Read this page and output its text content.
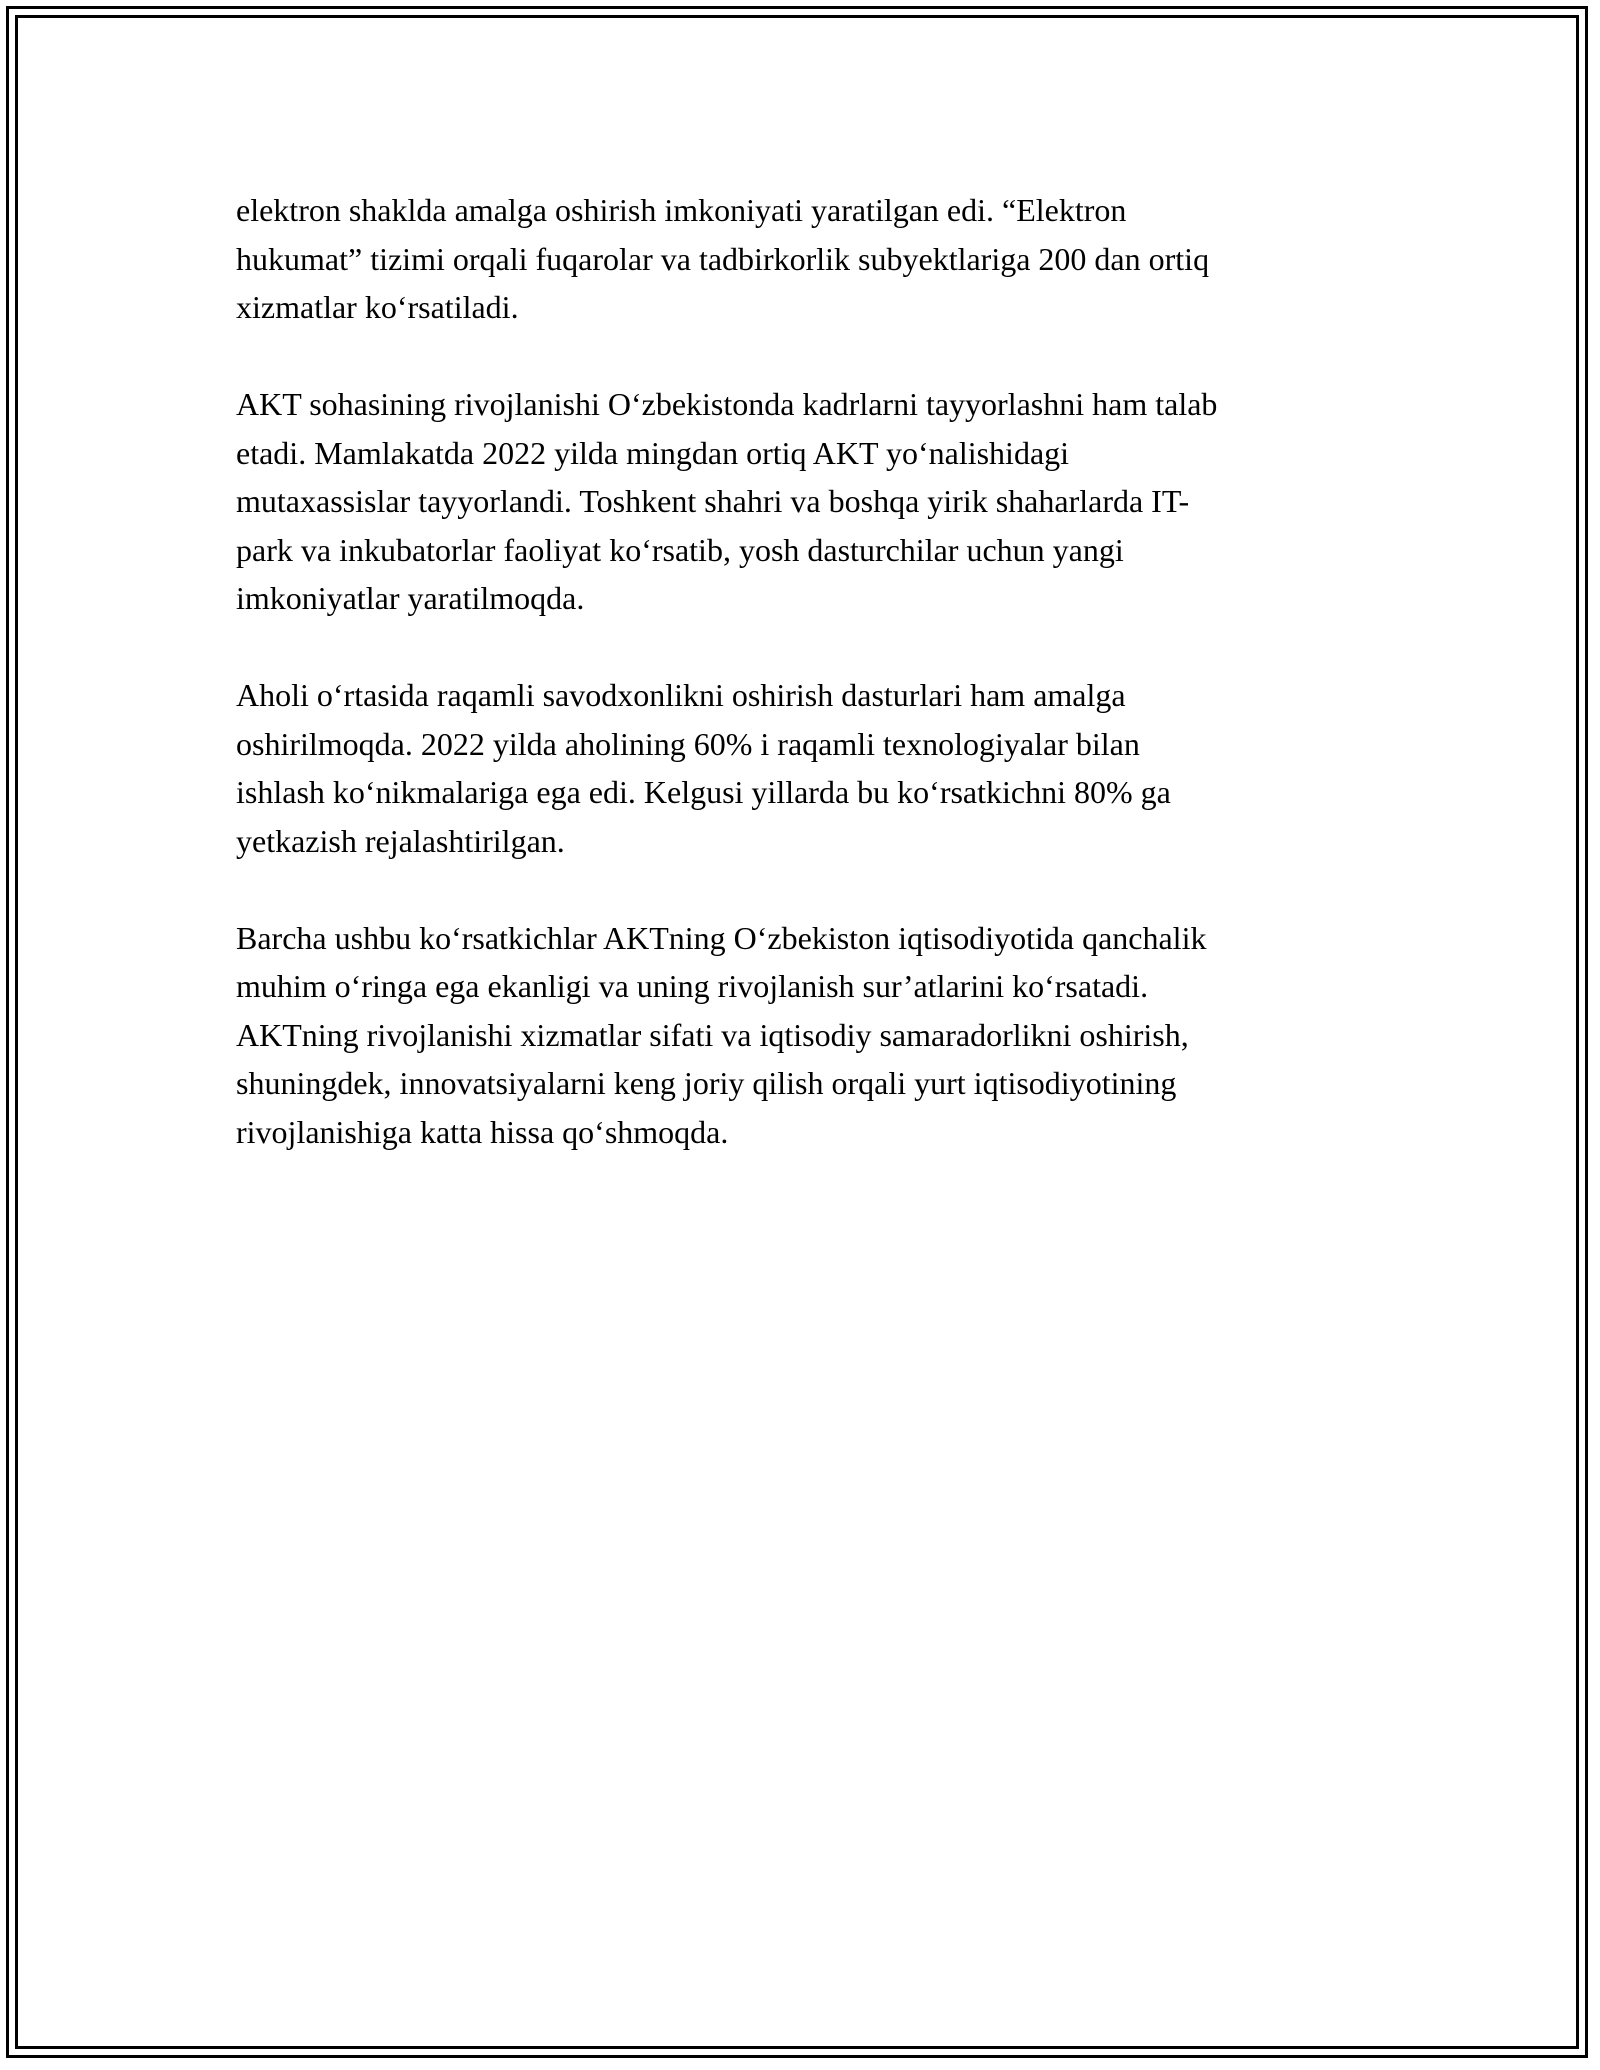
elektron shaklda amalga oshirish imkoniyati yaratilgan edi. “Elektron
hukumat” tizimi orqali fuqarolar va tadbirkorlik subyektlariga 200 dan ortiq
xizmatlar ko‘rsatiladi.

AKT sohasining rivojlanishi O‘zbekistonda kadrlarni tayyorlashni ham talab
etadi. Mamlakatda 2022 yilda mingdan ortiq AKT yo‘nalishidagi
mutaxassislar tayyorlandi. Toshkent shahri va boshqa yirik shaharlarda IT-
park va inkubatorlar faoliyat ko‘rsatib, yosh dasturchilar uchun yangi
imkoniyatlar yaratilmoqda.

Aholi o‘rtasida raqamli savodxonlikni oshirish dasturlari ham amalga
oshirilmoqda. 2022 yilda aholining 60% i raqamli texnologiyalar bilan
ishlash ko‘nikmalariga ega edi. Kelgusi yillarda bu ko‘rsatkichni 80% ga
yetkazish rejalashtirilgan.

Barcha ushbu ko‘rsatkichlar AKTning O‘zbekiston iqtisodiyotida qanchalik
muhim o‘ringa ega ekanligi va uning rivojlanish sur’atlarini ko‘rsatadi.
AKTning rivojlanishi xizmatlar sifati va iqtisodiy samaradorlikni oshirish,
shuningdek, innovatsiyalarni keng joriy qilish orqali yurt iqtisodiyotining
rivojlanishiga katta hissa qo‘shmoqda.
